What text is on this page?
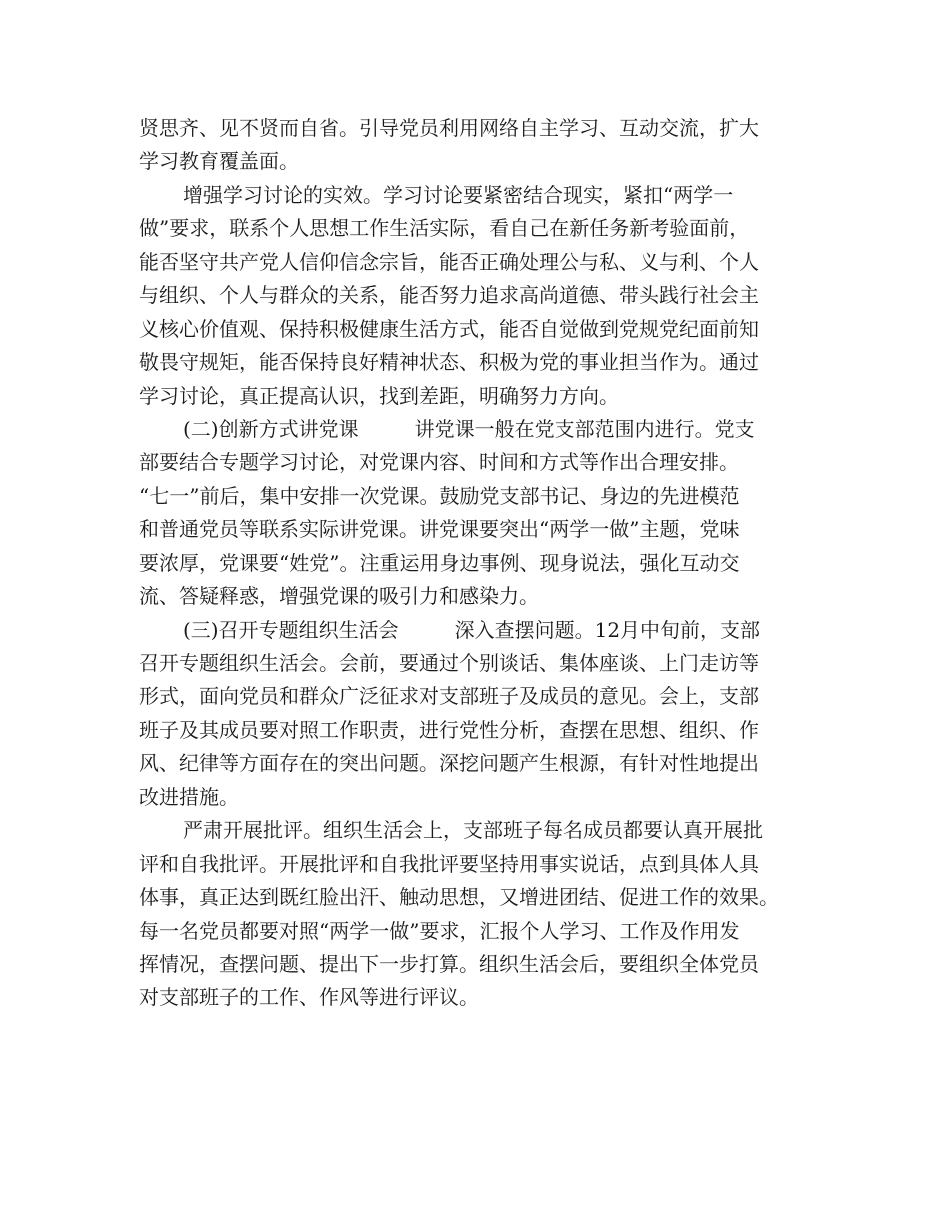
贤思齐、见不贤而自省。引导党员利用网络自主学习、互动交流，扩大
学习教育覆盖面。
增强学习讨论的实效。学习讨论要紧密结合现实，紧扣“两学一
做”要求，联系个人思想工作生活实际，看自己在新任务新考验面前，
能否坚守共产党人信仰信念宗旨，能否正确处理公与私、义与利、个人
与组织、个人与群众的关系，能否努力追求高尚道德、带头践行社会主
义核心价值观、保持积极健康生活方式，能否自觉做到党规党纪面前知
敬畏守规矩，能否保持良好精神状态、积极为党的事业担当作为。通过
学习讨论，真正提高认识，找到差距，明确努力方向。
(二)创新方式讲党课	讲党课一般在党支部范围内进行。党支
部要结合专题学习讨论，对党课内容、时间和方式等作出合理安排。
“七一”前后，集中安排一次党课。鼓励党支部书记、身边的先进模范
和普通党员等联系实际讲党课。讲党课要突出“两学一做”主题，党味
要浓厚，党课要“姓党”。注重运用身边事例、现身说法，强化互动交
流、答疑释惑，增强党课的吸引力和感染力。
(三)召开专题组织生活会	深入查摆问题。12月中旬前，支部
召开专题组织生活会。会前，要通过个别谈话、集体座谈、上门走访等
形式，面向党员和群众广泛征求对支部班子及成员的意见。会上，支部
班子及其成员要对照工作职责，进行党性分析，查摆在思想、组织、作
风、纪律等方面存在的突出问题。深挖问题产生根源，有针对性地提出
改进措施。
严肃开展批评。组织生活会上，支部班子每名成员都要认真开展批
评和自我批评。开展批评和自我批评要坚持用事实说话，点到具体人具
体事，真正达到既红脸出汗、触动思想，又增进团结、促进工作的效果。
每一名党员都要对照“两学一做”要求，汇报个人学习、工作及作用发
挥情况，查摆问题、提出下一步打算。组织生活会后，要组织全体党员
对支部班子的工作、作风等进行评议。
